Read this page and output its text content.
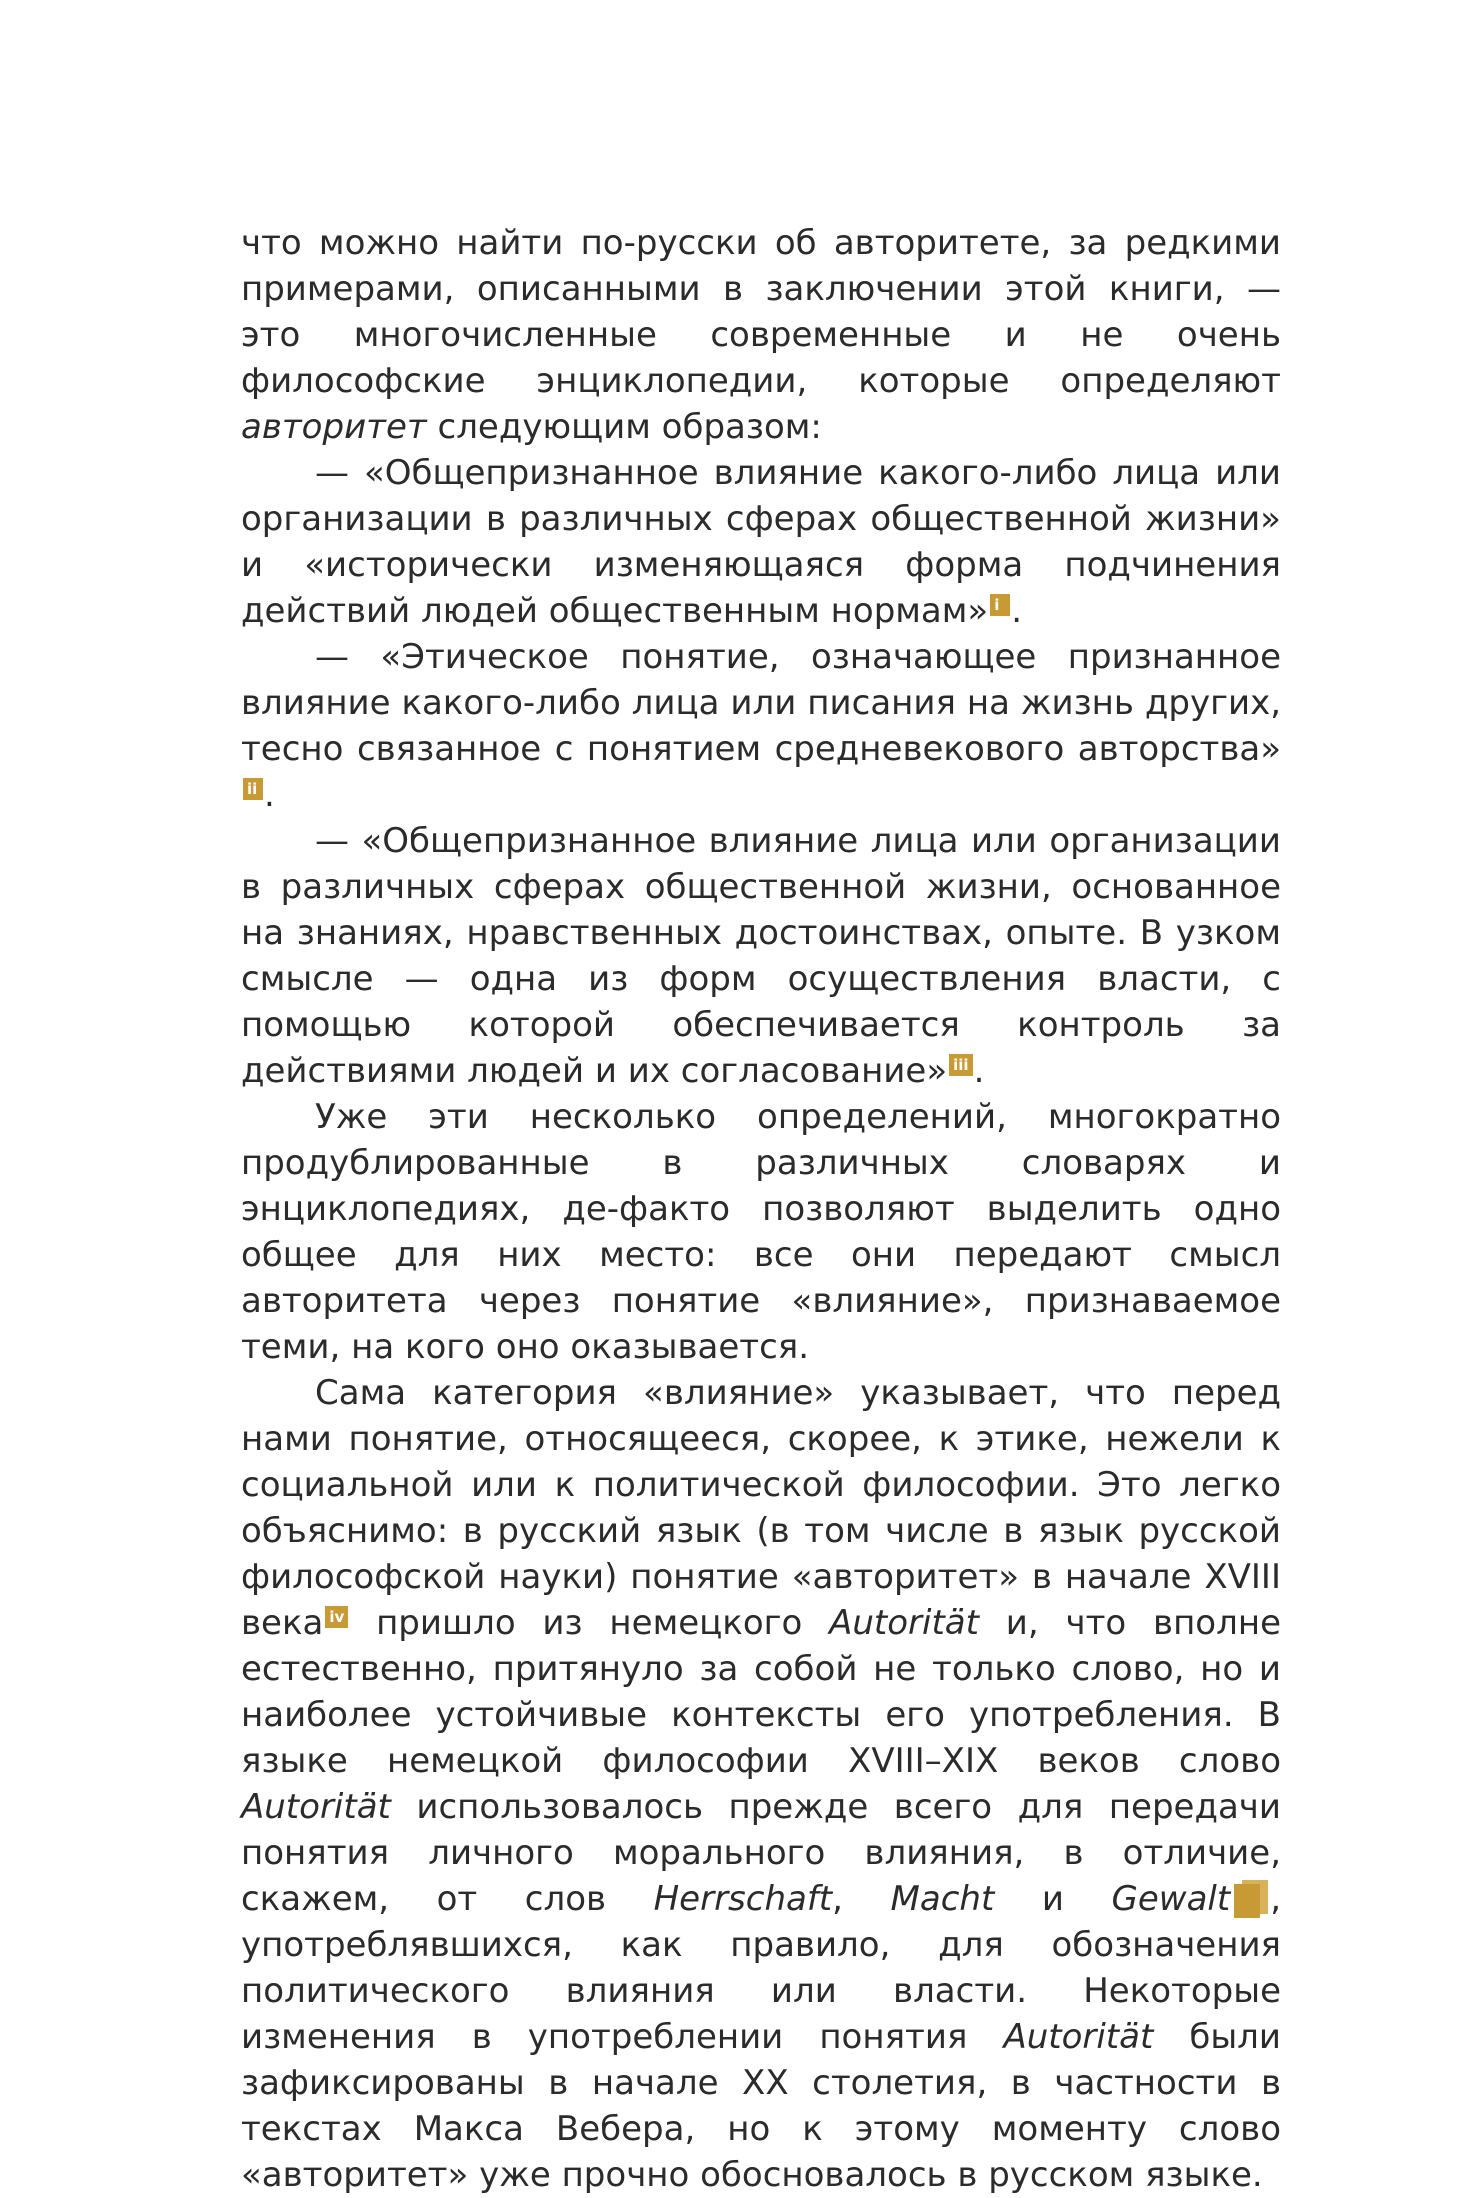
что можно найти по-русски об авторитете, за редкими примерами, описанными в заключении этой книги, — это многочисленные современные и не очень философские энциклопедии, которые определяют авторитет следующим образом:

— «Общепризнанное влияние какого-либо лица или организации в различных сферах общественной жизни» и «исторически изменяющаяся форма подчинения действий людей общественным нормам» i .

— «Этическое понятие, означающее признанное влияние какого-либо лица или писания на жизнь других, тесно связанное с понятием средневекового авторства»ii .

— «Общепризнанное влияние лица или организации в различных сферах общественной жизни, основанное на знаниях, нравственных достоинствах, опыте. В узком смысле — одна из форм осуществления власти, с помощью которой обеспечивается контроль за действиями людей и их согласование» iii .

Уже эти несколько определений, многократно продублированные в различных словарях и энциклопедиях, де-факто позволяют выделить одно общее для них место: все они передают смысл авторитета через понятие «влияние», признаваемое теми, на кого оно оказывается.

Сама категория «влияние» указывает, что перед нами понятие, относящееся, скорее, к этике, нежели к социальной или к политической философии. Это легко объяснимо: в русский язык (в том числе в язык русской философской науки) понятие «авторитет» в начале XVIII века iv пришло из немецкого Autorität и, что вполне естественно, притянуло за собой не только слово, но и наиболее устойчивые контексты его употребления. В языке немецкой философии XVIII–XIX веков слово Autorität использовалось прежде всего для передачи понятия личного морального влияния, в отличие, скажем, от слов Herrschaft, Macht и Gewalt , употреблявшихся, как правило, для обозначения политического влияния или власти. Некоторые изменения в употреблении понятия Autorität были зафиксированы в начале XX столетия, в частности в текстах Макса Вебера, но к этому моменту слово «авторитет» уже прочно обосновалось в русском языке.
